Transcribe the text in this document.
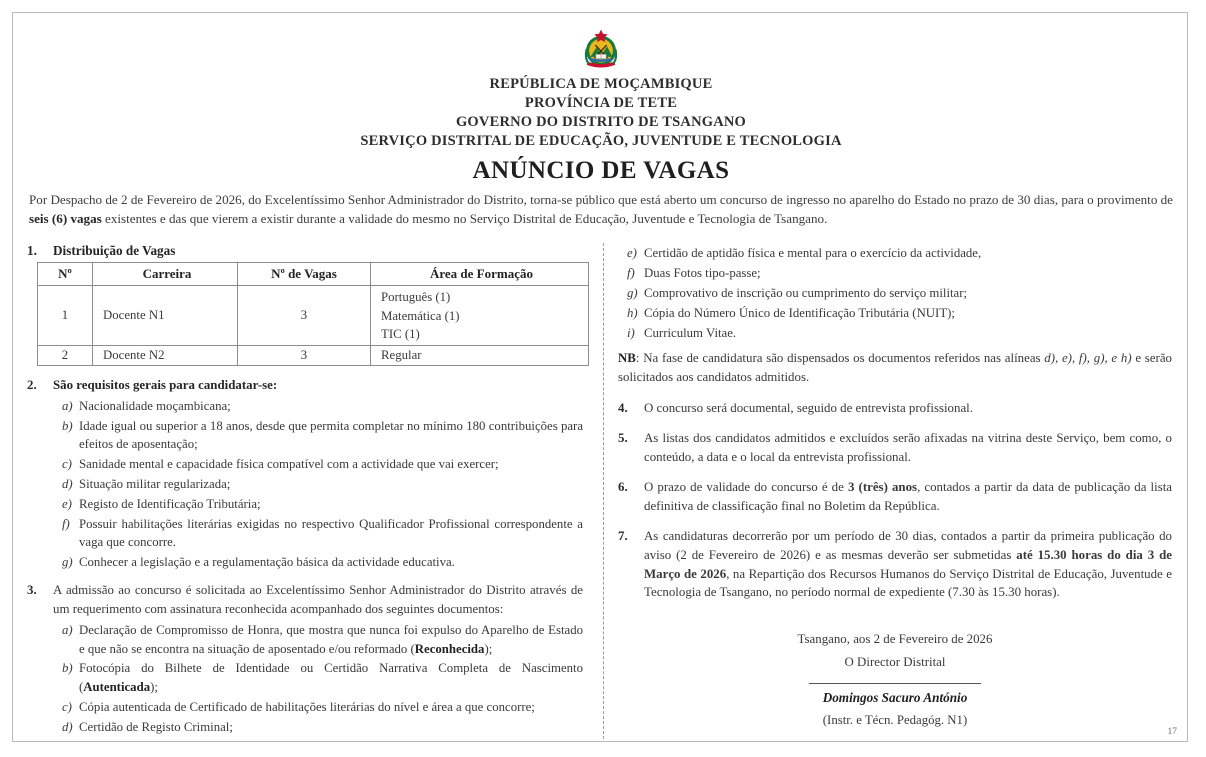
REPÚBLICA DE MOÇAMBIQUE
PROVÍNCIA DE TETE
GOVERNO DO DISTRITO DE TSANGANO
SERVIÇO DISTRITAL DE EDUCAÇÃO, JUVENTUDE E TECNOLOGIA
ANÚNCIO DE VAGAS
Por Despacho de 2 de Fevereiro de 2026, do Excelentíssimo Senhor Administrador do Distrito, torna-se público que está aberto um concurso de ingresso no aparelho do Estado no prazo de 30 dias, para o provimento de seis (6) vagas existentes e das que vierem a existir durante a validade do mesmo no Serviço Distrital de Educação, Juventude e Tecnologia de Tsangano.
1.	Distribuição de Vagas
Nº	Carreira	Nº de Vagas	Área de Formação
1	Docente N1	3	Português (1)
Matemática (1)
TIC (1)

2	Docente N2	3	Regular
2.	São requisitos gerais para candidatar-se:
a) Nacionalidade moçambicana;
b) Idade igual ou superior a 18 anos, desde que permita completar no mínimo 180 contribuições para efeitos de aposentação;
c) Sanidade mental e capacidade física compatível com a actividade que vai exercer;
d) Situação militar regularizada;
e) Registo de Identificação Tributária;
f) Possuir habilitações literárias exigidas no respectivo Qualificador Profissional correspondente a vaga que concorre.
g) Conhecer a legislação e a regulamentação básica da actividade educativa.
3.	A admissão ao concurso é solicitada ao Excelentíssimo Senhor Administrador do Distrito através de um requerimento com assinatura reconhecida acompanhado dos seguintes documentos:
a) Declaração de Compromisso de Honra, que mostra que nunca foi expulso do Aparelho de Estado e que não se encontra na situação de aposentado e/ou reformado (Reconhecida);
b) Fotocópia do Bilhete de Identidade ou Certidão Narrativa Completa de Nascimento (Autenticada);
c) Cópia autenticada de Certificado de habilitações literárias do nível e área a que concorre;
d) Certidão de Registo Criminal;
e) Certidão de aptidão física e mental para o exercício da actividade,
f) Duas Fotos tipo-passe;
g) Comprovativo de inscrição ou cumprimento do serviço militar;
h) Cópia do Número Único de Identificação Tributária (NUIT);
i) Curriculum Vitae.
NB: Na fase de candidatura são dispensados os documentos referidos nas alíneas d), e), f), g), e h) e serão solicitados aos candidatos admitidos.
4.	O concurso será documental, seguido de entrevista profissional.
5.	As listas dos candidatos admitidos e excluídos serão afixadas na vitrina deste Serviço, bem como, o conteúdo, a data e o local da entrevista profissional.
6.	O prazo de validade do concurso é de 3 (três) anos, contados a partir da data de publicação da lista definitiva de classificação final no Boletim da República.
7.	As candidaturas decorrerão por um período de 30 dias, contados a partir da primeira publicação do aviso (2 de Fevereiro de 2026) e as mesmas deverão ser submetidas até 15.30 horas do dia 3 de Março de 2026, na Repartição dos Recursos Humanos do Serviço Distrital de Educação, Juventude e Tecnologia de Tsangano, no período normal de expediente (7.30 às 15.30 horas).
Tsangano, aos 2 de Fevereiro de 2026
O Director Distrital
Domingos Sacuro António
(Instr. e Técn. Pedagóg. N1)
17
